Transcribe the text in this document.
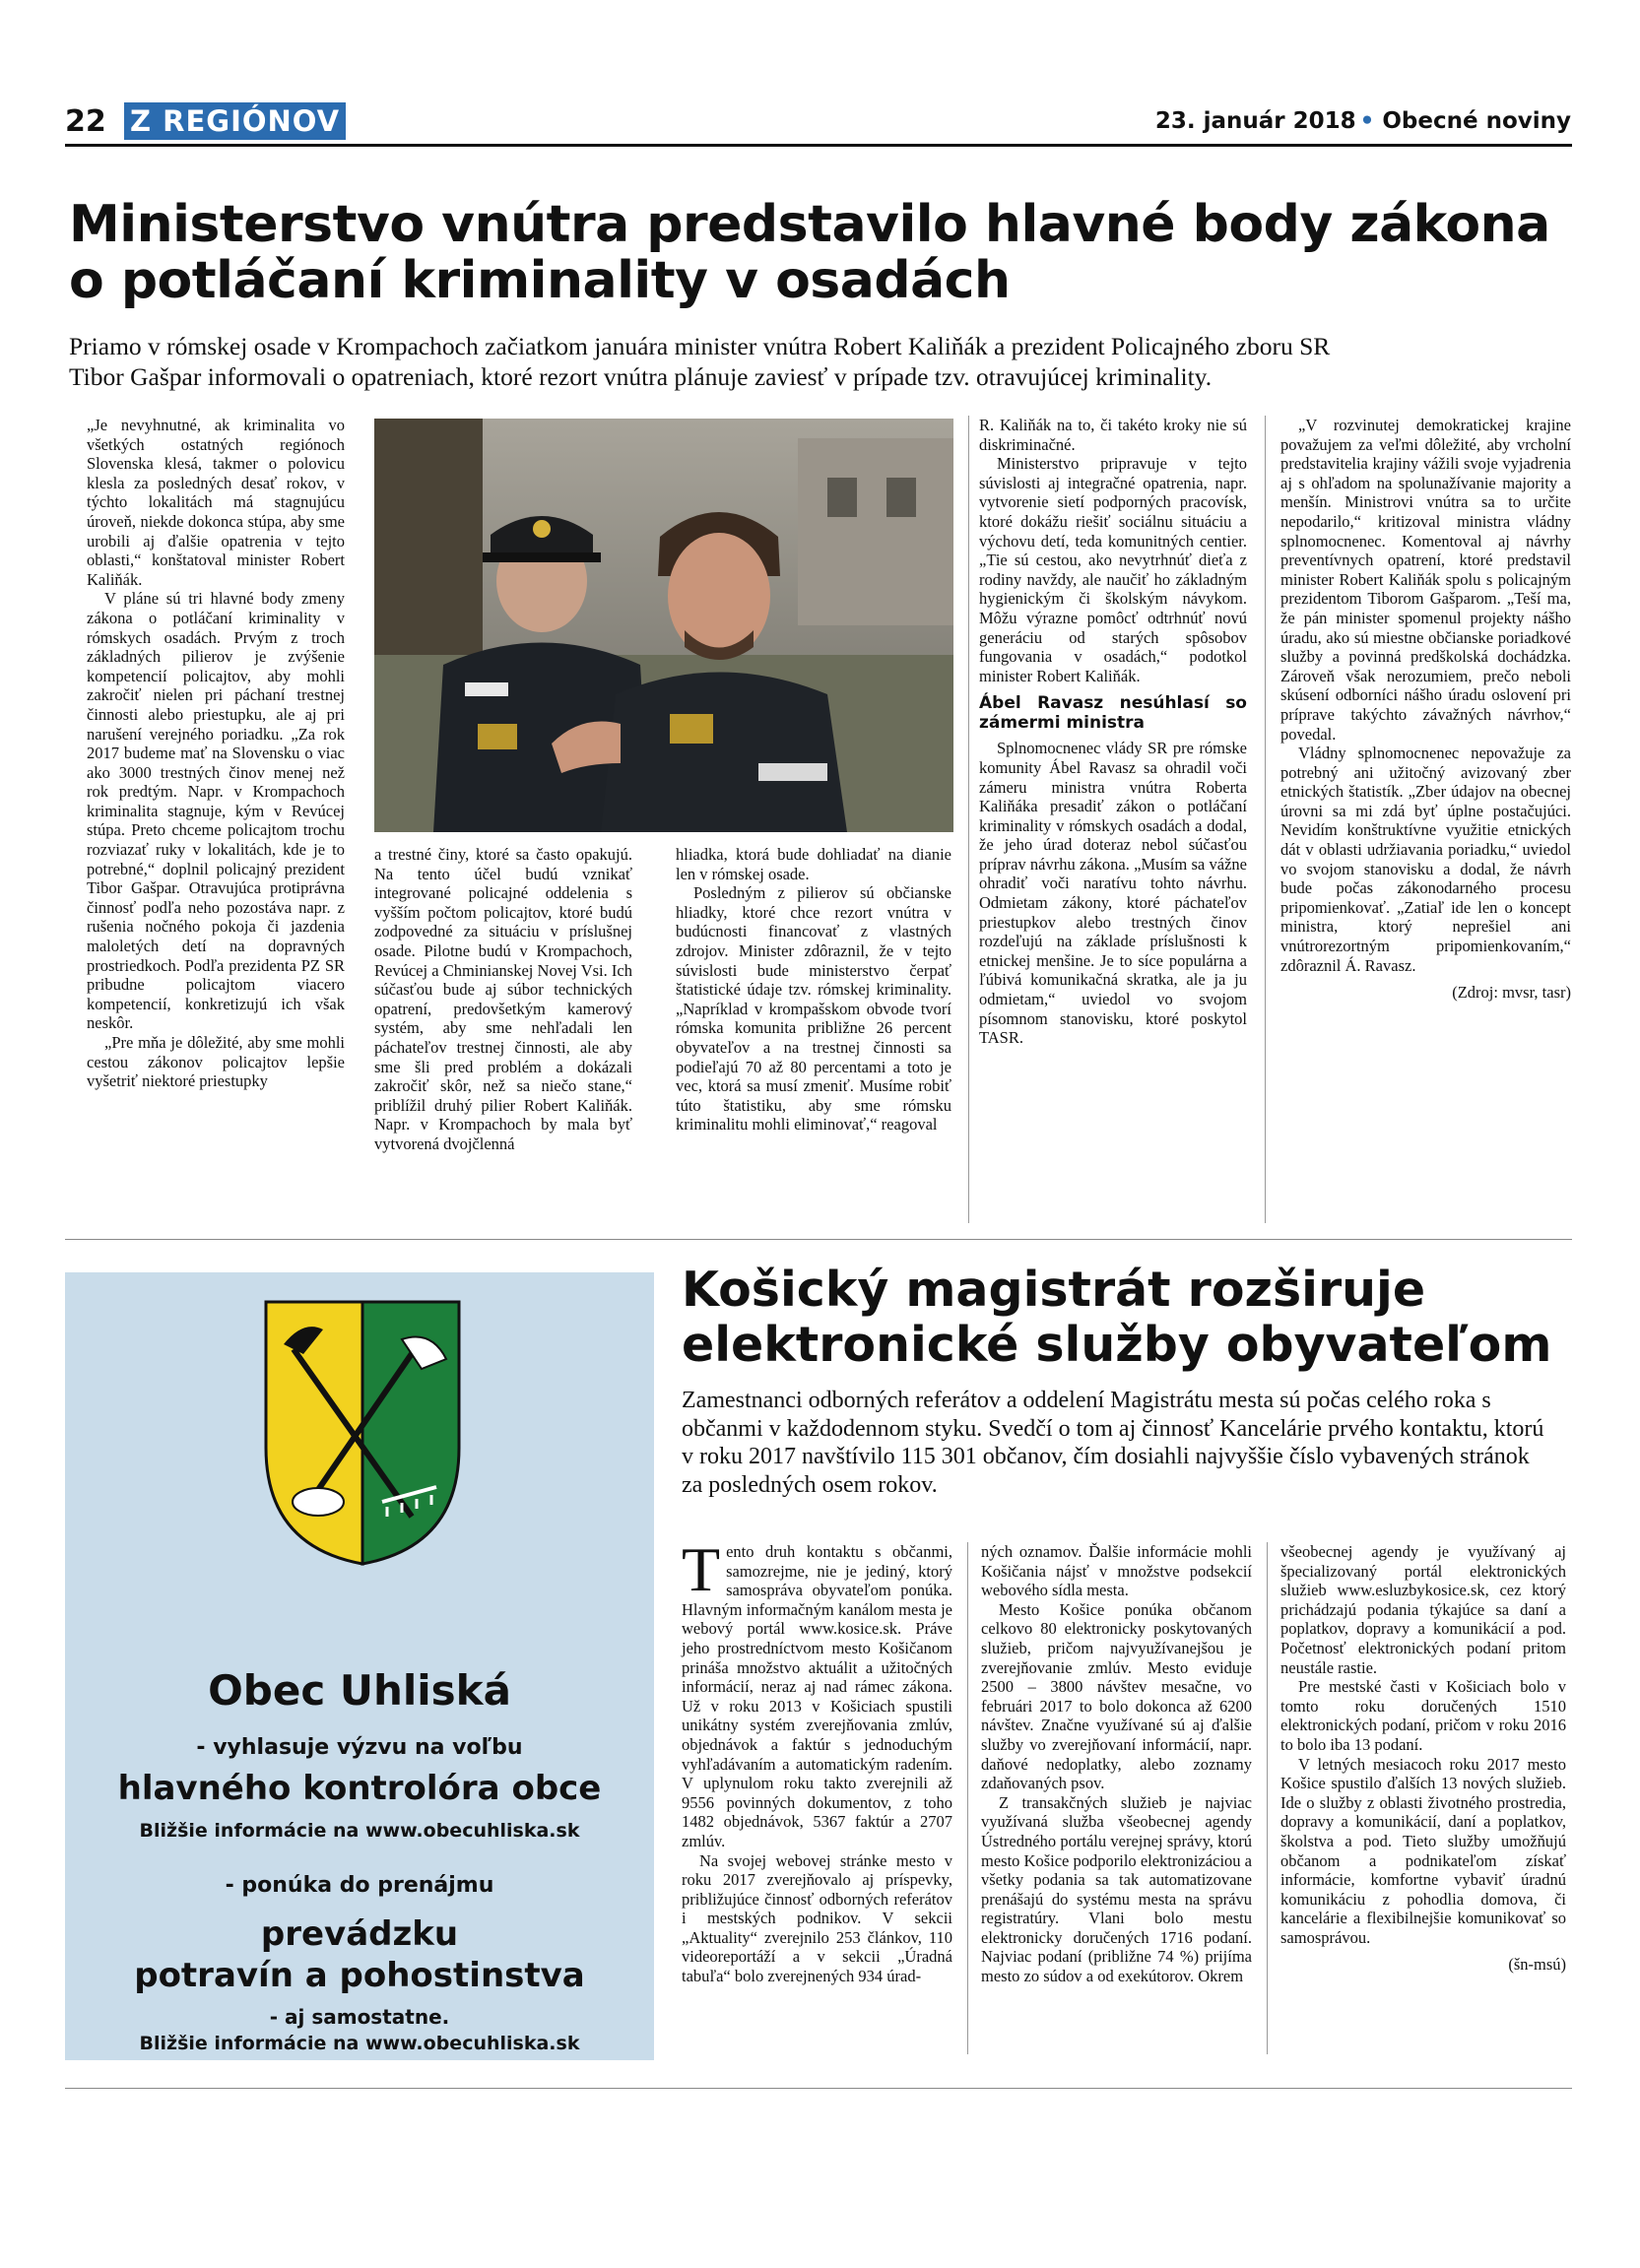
22 Z REGIÓNOV	23. január 2018 • Obecné noviny
Ministerstvo vnútra predstavilo hlavné body zákona
o potláčaní kriminality v osadách
Priamo v rómskej osade v Krompachoch začiatkom januára minister vnútra Robert Kaliňák a prezident Policajného zboru SR
Tibor Gašpar informovali o opatreniach, ktoré rezort vnútra plánuje zaviesť v prípade tzv. otravujúcej kriminality.

„Je nevyhnutné, ak kriminalita vo všetkých ostatných regiónoch Slovenska klesá, takmer o polovicu klesla za posledných desať rokov, v týchto lokalitách má stagnujúcu úroveň, niekde dokonca stúpa, aby sme urobili aj ďalšie opatrenia v tejto oblasti,“ konštatoval minister Robert Kaliňák.

V pláne sú tri hlavné body zmeny zákona o potláčaní kriminality v rómskych osadách. Prvým z troch základných pilierov je zvýšenie kompetencií policajtov, aby mohli zakročiť nielen pri páchaní trestnej činnosti alebo priestupku, ale aj pri narušení verejného poriadku. „Za rok 2017 budeme mať na Slovensku o viac ako 3000 trestných činov menej než rok predtým. Napr. v Krompachoch kriminalita stagnuje, kým v Revúcej stúpa. Preto chceme policajtom trochu rozviazať ruky v lokalitách, kde je to potrebné,“ doplnil policajný prezident Tibor Gašpar. Otravujúca protiprávna činnosť podľa neho pozostáva napr. z rušenia nočného pokoja či jazdenia maloletých detí na dopravných prostriedkoch. Podľa prezidenta PZ SR pribudne policajtom viacero kompetencií, konkretizujú ich však neskôr.

„Pre mňa je dôležité, aby sme mohli cestou zákonov policajtov lepšie vyšetriť niektoré priestupky

a trestné činy, ktoré sa často opakujú. Na tento účel budú vznikať integrované policajné oddelenia s vyšším počtom policajtov, ktoré budú zodpovedné za situáciu v príslušnej osade. Pilotne budú v Krompachoch, Revúcej a Chminianskej Novej Vsi. Ich súčasťou bude aj súbor technických opatrení, predovšetkým kamerový systém, aby sme nehľadali len páchateľov trestnej činnosti, ale aby sme šli pred problém a dokázali zakročiť skôr, než sa niečo stane,“ priblížil druhý pilier Robert Kaliňák. Napr. v Krompachoch by mala byť vytvorená dvojčlenná

hliadka, ktorá bude dohliadať na dianie len v rómskej osade.

Posledným z pilierov sú občianske hliadky, ktoré chce rezort vnútra v budúcnosti financovať z vlastných zdrojov. Minister zdôraznil, že v tejto súvislosti bude ministerstvo čerpať štatistické údaje tzv. rómskej kriminality. „Napríklad v krompašskom obvode tvorí rómska komunita približne 26 percent obyvateľov a na trestnej činnosti sa podieľajú 70 až 80 percentami a toto je vec, ktorá sa musí zmeniť. Musíme robiť túto štatistiku, aby sme rómsku kriminalitu mohli eliminovať,“ reagoval

R. Kaliňák na to, či takéto kroky nie sú diskriminačné.

Ministerstvo pripravuje v tejto súvislosti aj integračné opatrenia, napr. vytvorenie sietí podporných pracovísk, ktoré dokážu riešiť sociálnu situáciu a výchovu detí, teda komunitných centier. „Tie sú cestou, ako nevytrhnúť dieťa z rodiny navždy, ale naučiť ho základným hygienickým či školským návykom. Môžu výrazne pomôcť odtrhnúť novú generáciu od starých spôsobov fungovania v osadách,“ podotkol minister Robert Kaliňák.

Ábel Ravasz nesúhlasí so zámermi ministra

Splnomocnenec vlády SR pre rómske komunity Ábel Ravasz sa ohradil voči zámeru ministra vnútra Roberta Kaliňáka presadiť zákon o potláčaní kriminality v rómskych osadách a dodal, že jeho úrad doteraz nebol súčasťou príprav návrhu zákona. „Musím sa vážne ohradiť voči naratívu tohto návrhu. Odmietam zákony, ktoré páchateľov priestupkov alebo trestných činov rozdeľujú na základe príslušnosti k etnickej menšine. Je to síce populárna a ľúbivá komunikačná skratka, ale ja ju odmietam,“ uviedol vo svojom písomnom stanovisku, ktoré poskytol TASR.

„V rozvinutej demokratickej krajine považujem za veľmi dôležité, aby vrcholní predstavitelia krajiny vážili svoje vyjadrenia aj s ohľadom na spolunažívanie majority a menšín. Ministrovi vnútra sa to určite nepodarilo,“ kritizoval ministra vládny splnomocnenec. Komentoval aj návrhy preventívnych opatrení, ktoré predstavil minister Robert Kaliňák spolu s policajným prezidentom Tiborom Gašparom. „Teší ma, že pán minister spomenul projekty nášho úradu, ako sú miestne občianske poriadkové služby a povinná predškolská dochádzka. Zároveň však nerozumiem, prečo neboli skúsení odborníci nášho úradu oslovení pri príprave takýchto závažných návrhov,“ povedal.

Vládny splnomocnenec nepovažuje za potrebný ani užitočný avizovaný zber etnických štatistík. „Zber údajov na obecnej úrovni sa mi zdá byť úplne postačujúci. Nevidím konštruktívne využitie etnických dát v oblasti udržiavania poriadku,“ uviedol vo svojom stanovisku a dodal, že návrh bude počas zákonodarného procesu pripomienkovať. „Zatiaľ ide len o koncept ministra, ktorý neprešiel ani vnútrorezortným pripomienkovaním,“ zdôraznil Á. Ravasz.

(Zdroj: mvsr, tasr)
Obec Uhliská
- vyhlasuje výzvu na voľbu
hlavného kontrolóra obce
Bližšie informácie na www.obecuhliska.sk
- ponúka do prenájmu
prevádzku
potravín a pohostinstva
- aj samostatne.
Bližšie informácie na www.obecuhliska.sk
Košický magistrát rozširuje
elektronické služby obyvateľom
Zamestnanci odborných referátov a oddelení Magistrátu mesta sú počas celého roka s občanmi v každodennom styku. Svedčí o tom aj činnosť Kancelárie prvého kontaktu, ktorú v roku 2017 navštívilo 115 301 občanov, čím dosiahli najvyššie číslo vybavených stránok za posledných osem rokov.

Tento druh kontaktu s občanmi, samozrejme, nie je jediný, ktorý samospráva obyvateľom ponúka. Hlavným informačným kanálom mesta je webový portál www.kosice.sk. Práve jeho prostredníctvom mesto Košičanom prináša množstvo aktuálit a užitočných informácií, neraz aj nad rámec zákona. Už v roku 2013 v Košiciach spustili unikátny systém zverejňovania zmlúv, objednávok a faktúr s jednoduchým vyhľadávaním a automatickým radením. V uplynulom roku takto zverejnili až 9556 povinných dokumentov, z toho 1482 objednávok, 5367 faktúr a 2707 zmlúv.

Na svojej webovej stránke mesto v roku 2017 zverejňovalo aj príspevky, približujúce činnosť odborných referátov i mestských podnikov. V sekcii „Aktuality“ zverejnilo 253 článkov, 110 videoreportáží a v sekcii „Úradná tabuľa“ bolo zverejnených 934 úrad-

ných oznamov. Ďalšie informácie mohli Košičania nájsť v množstve podsekcií webového sídla mesta.

Mesto Košice ponúka občanom celkovo 80 elektronicky poskytovaných služieb, pričom najvyužívanejšou je zverejňovanie zmlúv. Mesto eviduje 2500 – 3800 návštev mesačne, vo februári 2017 to bolo dokonca až 6200 návštev. Značne využívané sú aj ďalšie služby vo zverejňovaní informácií, napr. daňové nedoplatky, alebo zoznamy zdaňovaných psov.

Z transakčných služieb je najviac využívaná služba všeobecnej agendy Ústredného portálu verejnej správy, ktorú mesto Košice podporilo elektronizáciou a všetky podania sa tak automatizovane prenášajú do systému mesta na správu registratúry. Vlani bolo mestu elektronicky doručených 1716 podaní. Najviac podaní (približne 74 %) prijíma mesto zo súdov a od exekútorov. Okrem

všeobecnej agendy je využívaný aj špecializovaný portál elektronických služieb www.esluzbykosice.sk, cez ktorý prichádzajú podania týkajúce sa daní a poplatkov, dopravy a komunikácií a pod. Početnosť elektronických podaní pritom neustále rastie.

Pre mestské časti v Košiciach bolo v tomto roku doručených 1510 elektronických podaní, pričom v roku 2016 to bolo iba 13 podaní.

V letných mesiacoch roku 2017 mesto Košice spustilo ďalších 13 nových služieb. Ide o služby z oblasti životného prostredia, dopravy a komunikácií, daní a poplatkov, školstva a pod. Tieto služby umožňujú občanom a podnikateľom získať informácie, komfortne vybaviť úradnú komunikáciu z pohodlia domova, či kancelárie a flexibilnejšie komunikovať so samosprávou.

(šn-msú)
